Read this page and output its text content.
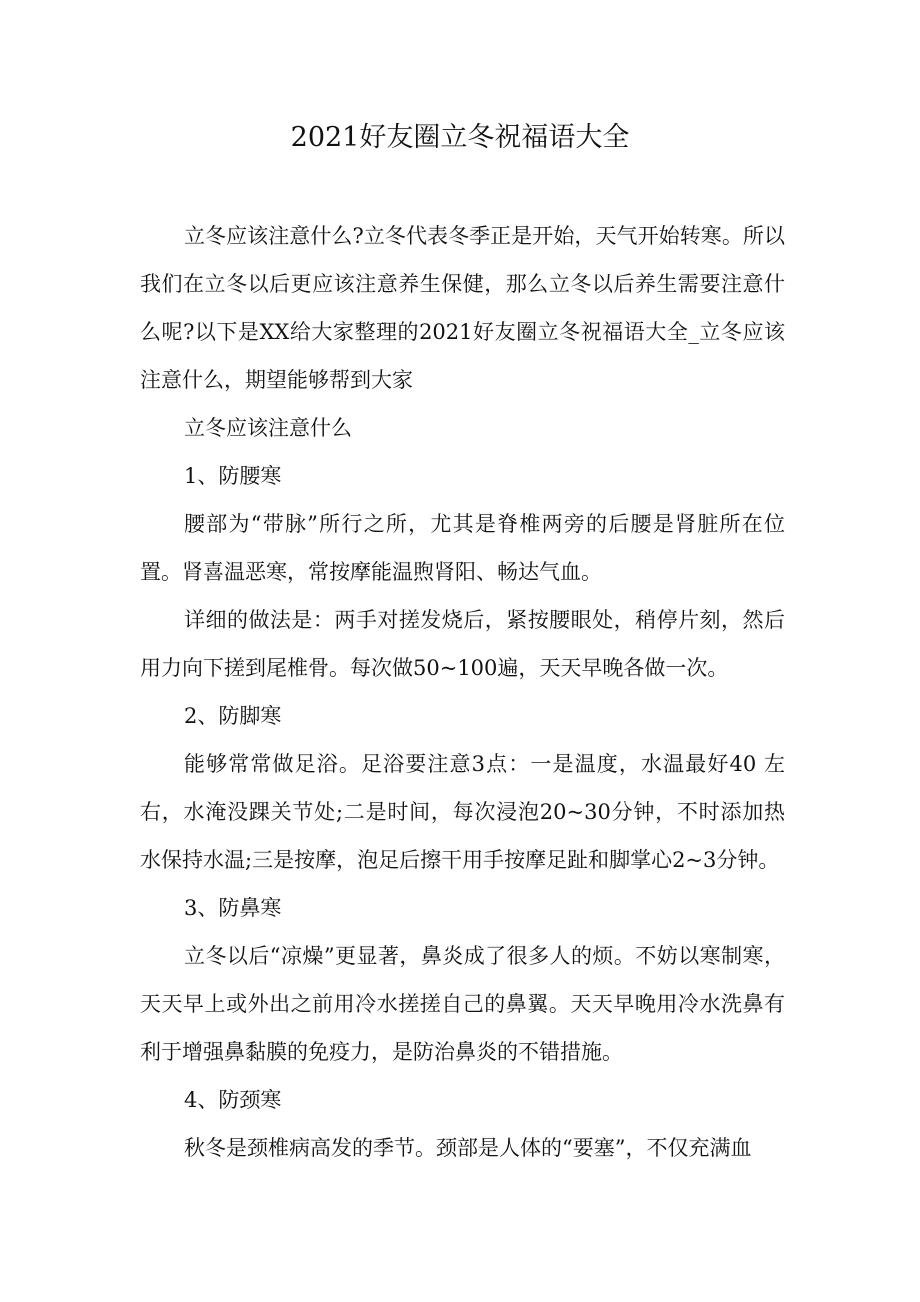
2021好友圈立冬祝福语大全

立冬应该注意什么?立冬代表冬季正是开始，天气开始转寒。所以我们在立冬以后更应该注意养生保健，那么立冬以后养生需要注意什么呢?以下是XX给大家整理的2021好友圈立冬祝福语大全_立冬应该注意什么，期望能够帮到大家

立冬应该注意什么

1、防腰寒

腰部为“带脉”所行之所，尤其是脊椎两旁的后腰是肾脏所在位置。肾喜温恶寒，常按摩能温煦肾阳、畅达气血。

详细的做法是：两手对搓发烧后，紧按腰眼处，稍停片刻，然后用力向下搓到尾椎骨。每次做50~100遍，天天早晚各做一次。

2、防脚寒

能够常常做足浴。足浴要注意3点：一是温度，水温最好40 左右，水淹没踝关节处;二是时间，每次浸泡20~30分钟，不时添加热水保持水温;三是按摩，泡足后擦干用手按摩足趾和脚掌心2~3分钟。

3、防鼻寒

立冬以后“凉燥”更显著，鼻炎成了很多人的烦。不妨以寒制寒，天天早上或外出之前用冷水搓搓自己的鼻翼。天天早晚用冷水洗鼻有利于增强鼻黏膜的免疫力，是防治鼻炎的不错措施。

4、防颈寒

秋冬是颈椎病高发的季节。颈部是人体的“要塞”，不仅充满血
